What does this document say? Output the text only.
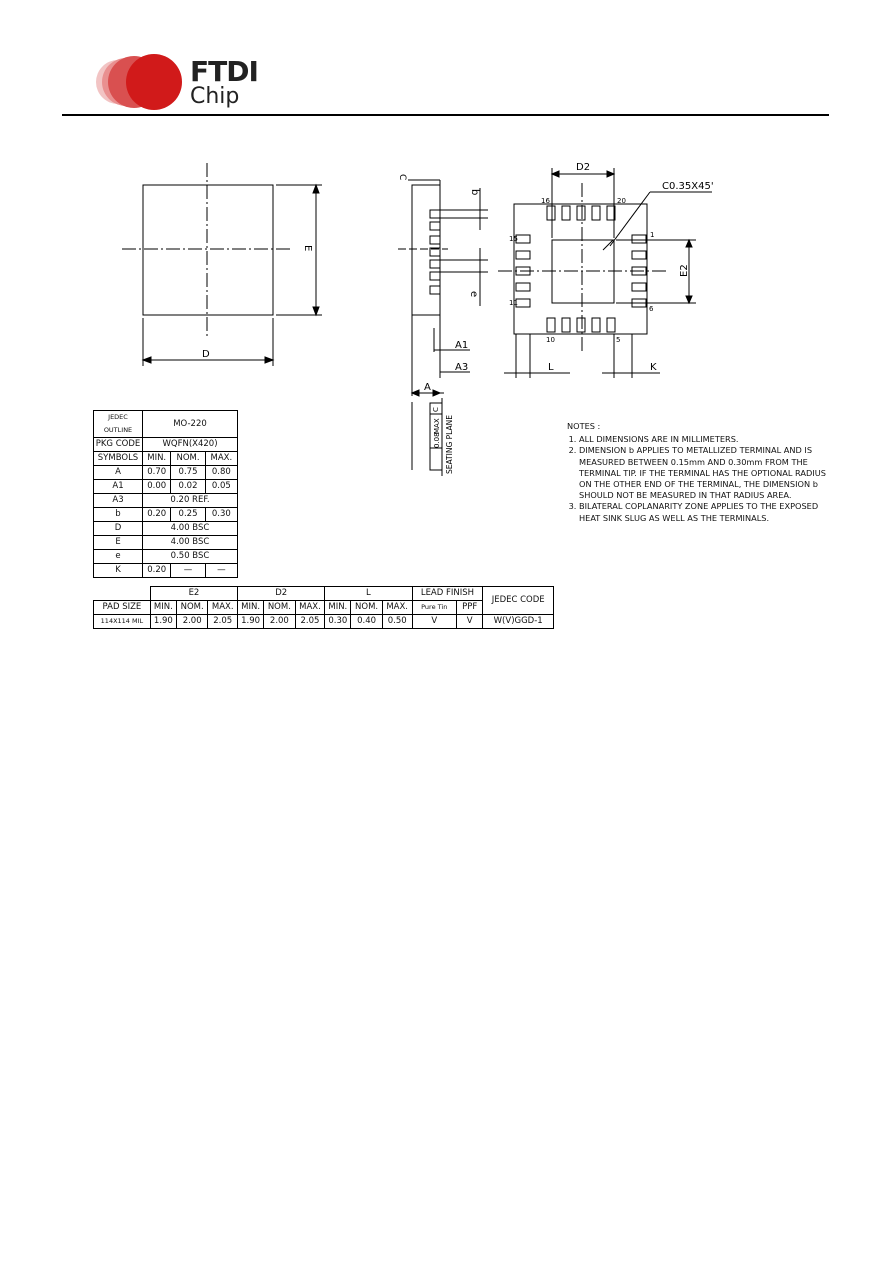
FTDI
Chip
D
E
C
b
e
A1
A3
A
C
MAX
0.08 SEATING PLANE
D2
E2
C0.35X45'
L	K
16	20
1
15
11
10
6
5
JEDEC OUTLINE	MO-220		
PKG CODE	WQFN(X420)		
SYMBOLS	MIN.	NOM.	MAX.
A	0.70	0.75	0.80
A1	0.00	0.02	0.05
A3	0.20 REF.		
b	0.20	0.25	0.30
D	4.00 BSC		
E	4.00 BSC		
e	0.50 BSC		
K	0.20	—	—
	E2			D2			L			LEAD FINISH		JEDEC CODE
PAD SIZE	MIN.	NOM.	MAX.	MIN.	NOM.	MAX.	MIN.	NOM.	MAX.	Pure Tin	PPF	
114X114 MIL	1.90	2.00	2.05	1.90	2.00	2.05	0.30	0.40	0.50	V	V	W(V)GGD-1
NOTES :
1. ALL DIMENSIONS ARE IN MILLIMETERS.
2. DIMENSION b APPLIES TO METALLIZED TERMINAL AND IS MEASURED BETWEEN 0.15mm AND 0.30mm FROM THE TERMINAL TIP. IF THE TERMINAL HAS THE OPTIONAL RADIUS ON THE OTHER END OF THE TERMINAL, THE DIMENSION b SHOULD NOT BE MEASURED IN THAT RADIUS AREA.
3. BILATERAL COPLANARITY ZONE APPLIES TO THE EXPOSED HEAT SINK SLUG AS WELL AS THE TERMINALS.
